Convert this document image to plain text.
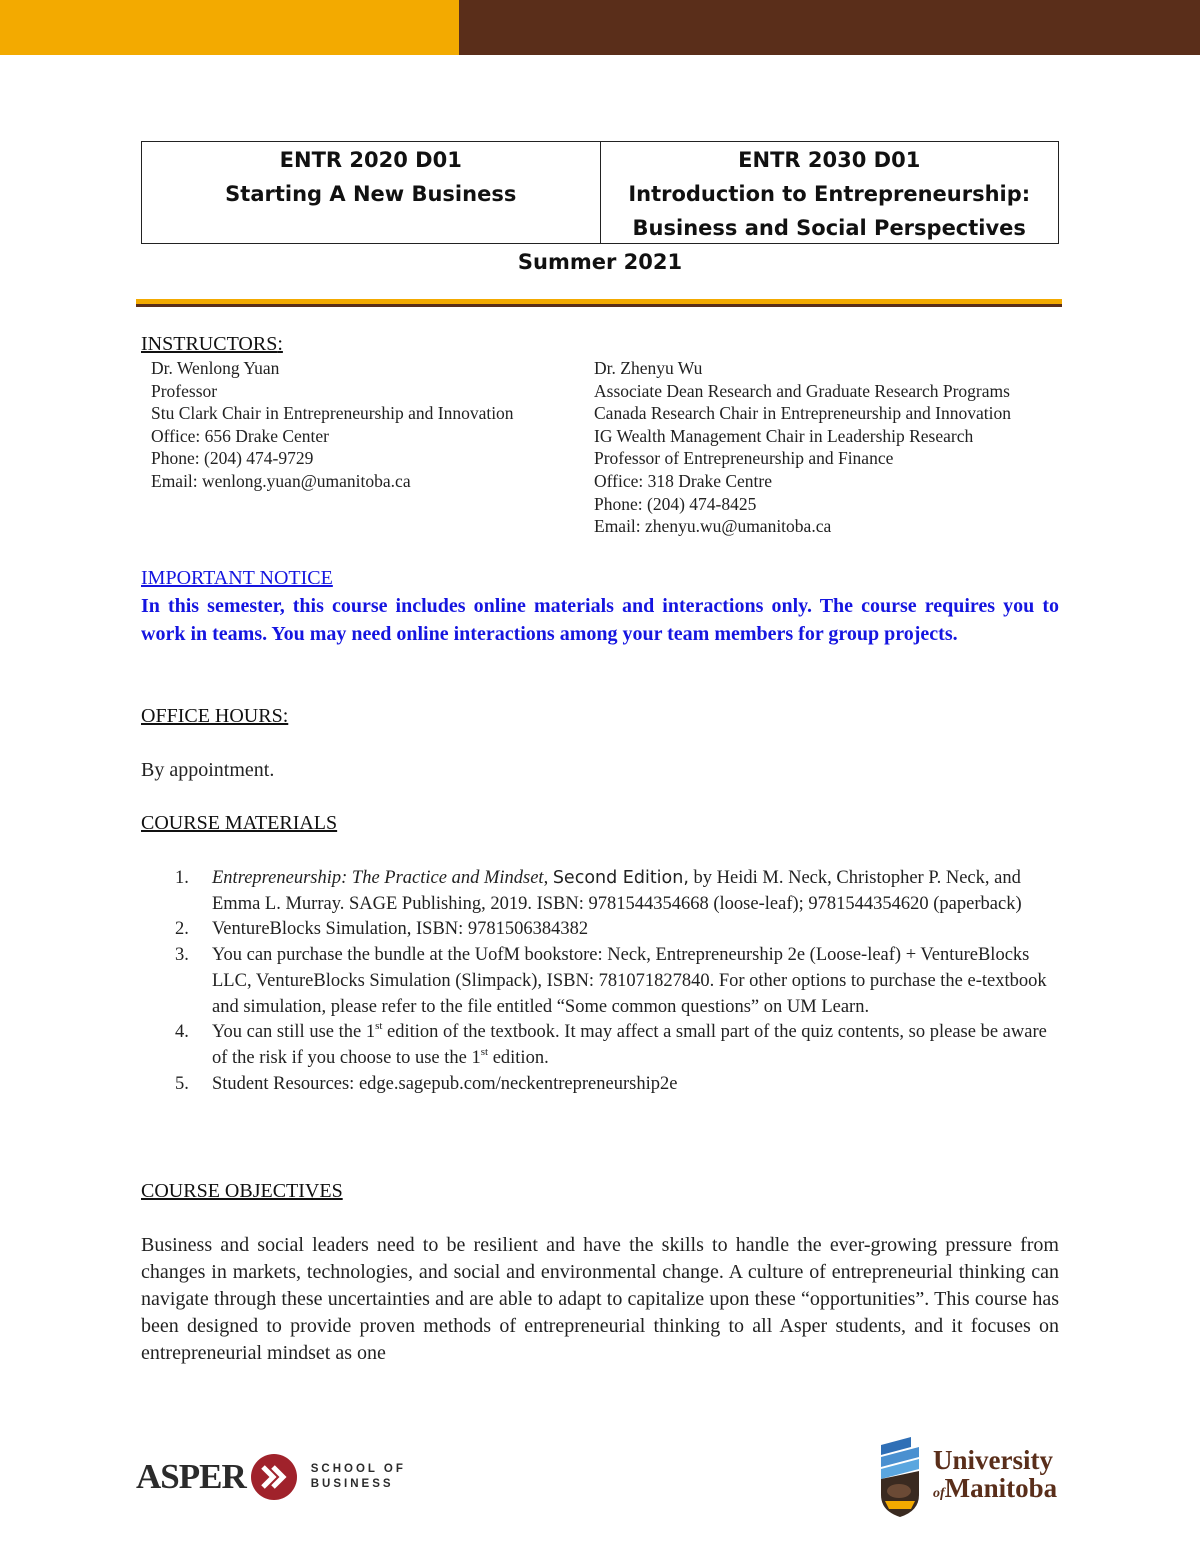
ENTR 2020 D01
Starting A New Business
ENTR 2030 D01
Introduction to Entrepreneurship:
Business and Social Perspectives
Summer 2021
INSTRUCTORS:
Dr. Wenlong Yuan
Professor
Stu Clark Chair in Entrepreneurship and Innovation
Office: 656 Drake Center
Phone: (204) 474-9729
Email: wenlong.yuan@umanitoba.ca
Dr. Zhenyu Wu
Associate Dean Research and Graduate Research Programs
Canada Research Chair in Entrepreneurship and Innovation
IG Wealth Management Chair in Leadership Research
Professor of Entrepreneurship and Finance
Office: 318 Drake Centre
Phone: (204) 474-8425
Email: zhenyu.wu@umanitoba.ca
IMPORTANT NOTICE
In this semester, this course includes online materials and interactions only. The course requires you to work in teams. You may need online interactions among your team members for group projects.
OFFICE HOURS:
By appointment.
COURSE MATERIALS
1.	Entrepreneurship: The Practice and Mindset, Second Edition, by Heidi M. Neck, Christopher P. Neck, and Emma L. Murray. SAGE Publishing, 2019. ISBN: 9781544354668 (loose-leaf); 9781544354620 (paperback)
2.	VentureBlocks Simulation, ISBN: 9781506384382
3.	You can purchase the bundle at the UofM bookstore: Neck, Entrepreneurship 2e (Loose-leaf) + VentureBlocks LLC, VentureBlocks Simulation (Slimpack), ISBN: 781071827840. For other options to purchase the e-textbook and simulation, please refer to the file entitled “Some common questions” on UM Learn.
4.	You can still use the 1st edition of the textbook. It may affect a small part of the quiz contents, so please be aware of the risk if you choose to use the 1st edition.
5.	Student Resources: edge.sagepub.com/neckentrepreneurship2e
COURSE OBJECTIVES
Business and social leaders need to be resilient and have the skills to handle the ever-growing pressure from changes in markets, technologies, and social and environmental change. A culture of entrepreneurial thinking can navigate through these uncertainties and are able to adapt to capitalize upon these “opportunities”. This course has been designed to provide proven methods of entrepreneurial thinking to all Asper students, and it focuses on entrepreneurial mindset as one
ASPER	SCHOOL OF
BUSINESS
University
ofManitoba
